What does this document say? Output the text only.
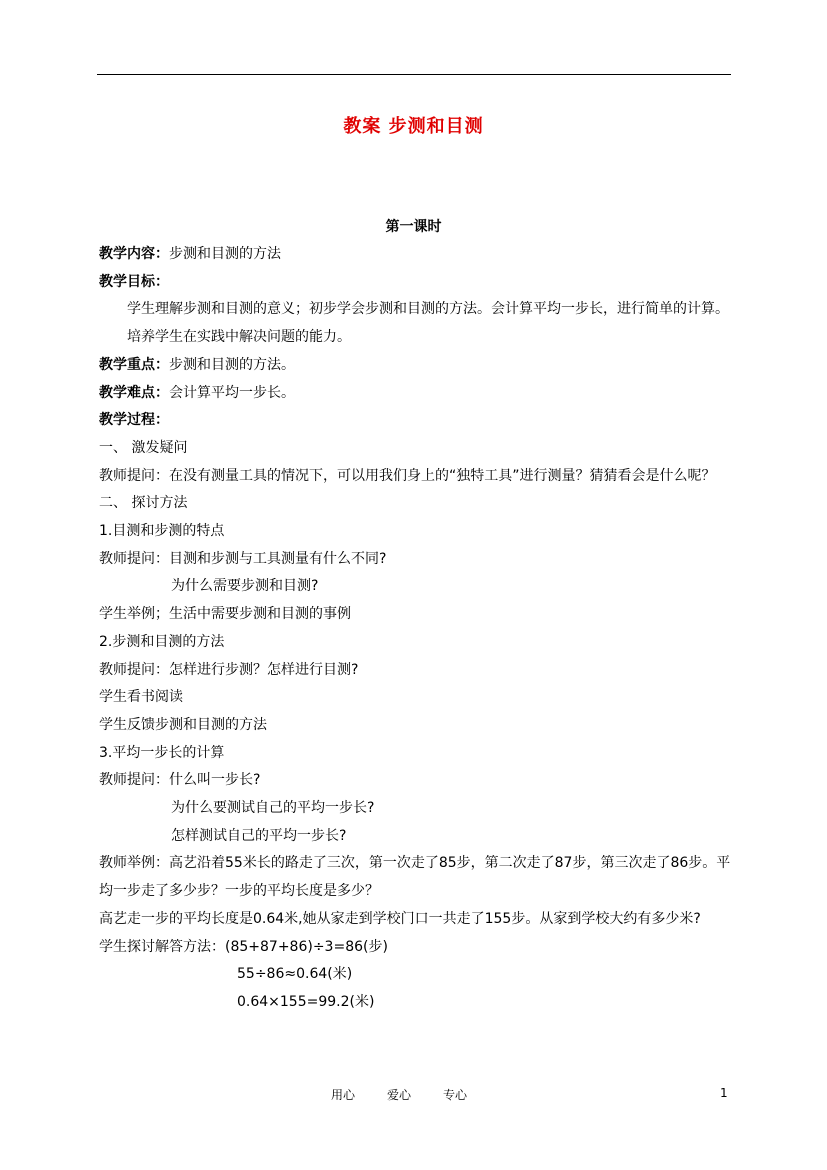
教案 步测和目测
第一课时
教学内容：步测和目测的方法
教学目标：
学生理解步测和目测的意义；初步学会步测和目测的方法。会计算平均一步长，进行简单的计算。培养学生在实践中解决问题的能力。
教学重点：步测和目测的方法。
教学难点：会计算平均一步长。
教学过程：
一、 激发疑问
教师提问：在没有测量工具的情况下，可以用我们身上的“独特工具”进行测量？猜猜看会是什么呢？
二、 探讨方法
1.目测和步测的特点
教师提问：目测和步测与工具测量有什么不同?
为什么需要步测和目测?
学生举例；生活中需要步测和目测的事例
2.步测和目测的方法
教师提问：怎样进行步测？怎样进行目测?
学生看书阅读
学生反馈步测和目测的方法
3.平均一步长的计算
教师提问：什么叫一步长?
为什么要测试自己的平均一步长?
怎样测试自己的平均一步长?
教师举例：高艺沿着55米长的路走了三次，第一次走了85步，第二次走了87步，第三次走了86步。平均一步走了多少步？一步的平均长度是多少？
高艺走一步的平均长度是0.64米,她从家走到学校门口一共走了155步。从家到学校大约有多少米?
学生探讨解答方法：(85+87+86)÷3=86(步)
55÷86≈0.64(米)
0.64×155=99.2(米)
用心	爱心	专心	1
